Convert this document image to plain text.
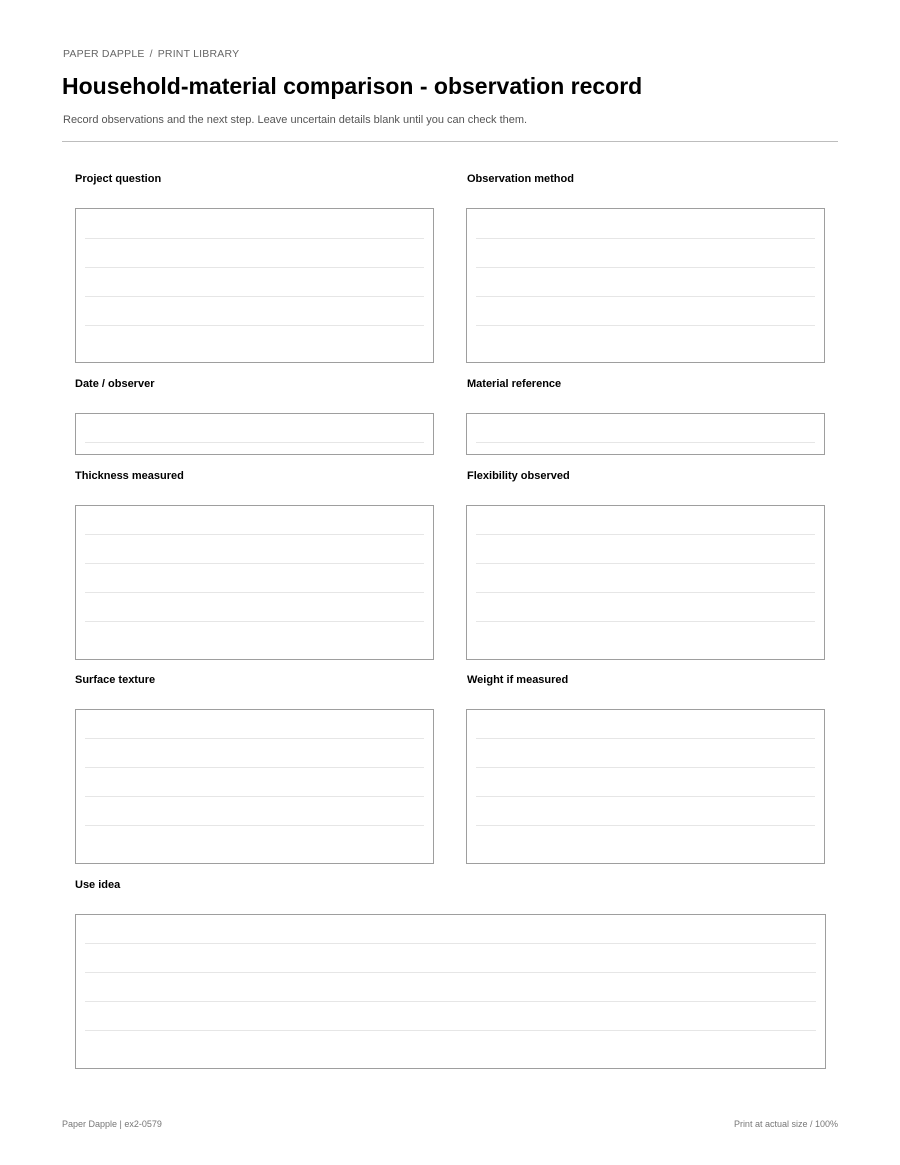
PAPER DAPPLE / PRINT LIBRARY
Household-material comparison - observation record
Record observations and the next step. Leave uncertain details blank until you can check them.
Project question	Observation method
Date / observer	Material reference
Thickness measured	Flexibility observed
Surface texture	Weight if measured
Use idea
Paper Dapple | ex2-0579	Print at actual size / 100%
